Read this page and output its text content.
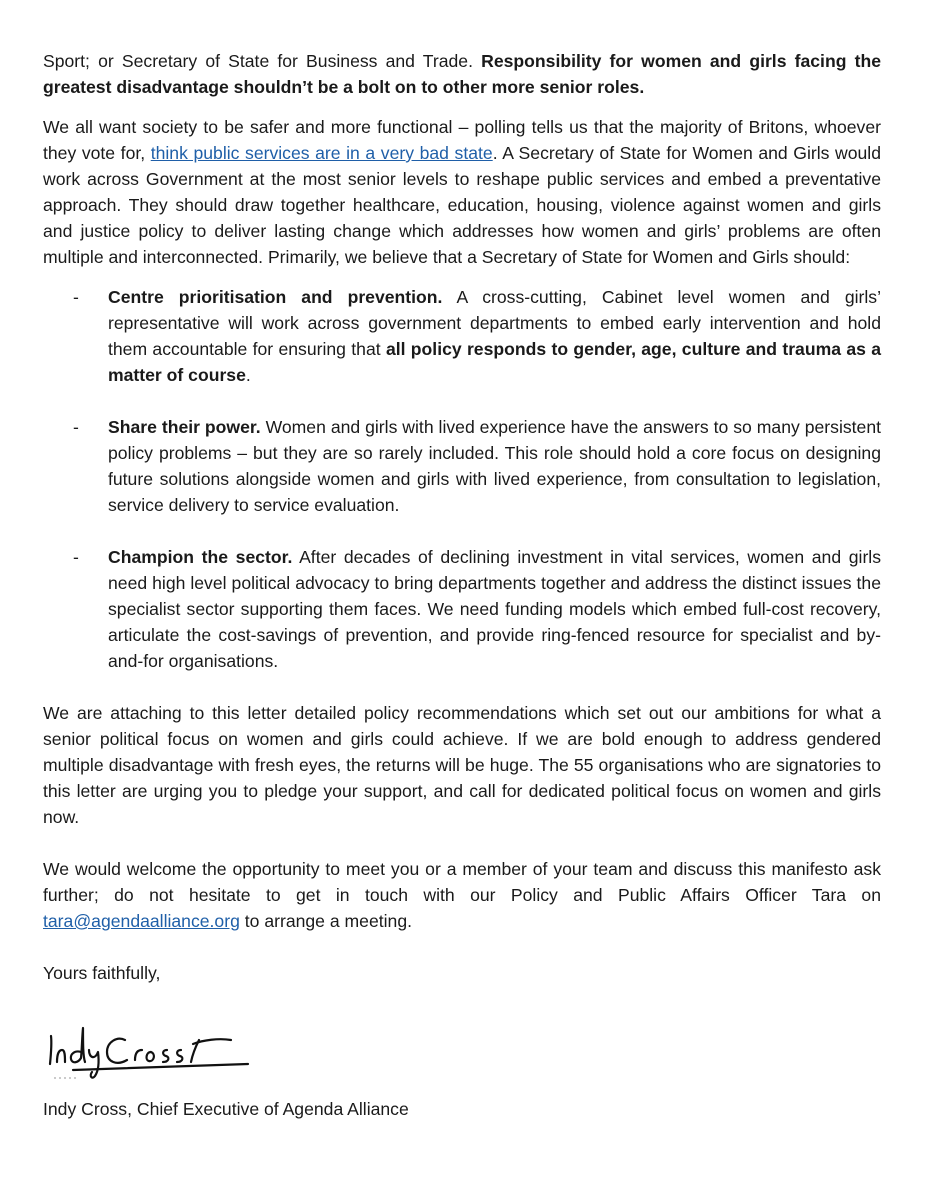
Sport; or Secretary of State for Business and Trade. Responsibility for women and girls facing the greatest disadvantage shouldn’t be a bolt on to other more senior roles.

We all want society to be safer and more functional – polling tells us that the majority of Britons, whoever they vote for, think public services are in a very bad state. A Secretary of State for Women and Girls would work across Government at the most senior levels to reshape public services and embed a preventative approach. They should draw together healthcare, education, housing, violence against women and girls and justice policy to deliver lasting change which addresses how women and girls’ problems are often multiple and interconnected. Primarily, we believe that a Secretary of State for Women and Girls should:

- Centre prioritisation and prevention. A cross-cutting, Cabinet level women and girls’ representative will work across government departments to embed early intervention and hold them accountable for ensuring that all policy responds to gender, age, culture and trauma as a matter of course.
- Share their power. Women and girls with lived experience have the answers to so many persistent policy problems – but they are so rarely included. This role should hold a core focus on designing future solutions alongside women and girls with lived experience, from consultation to legislation, service delivery to service evaluation.
- Champion the sector. After decades of declining investment in vital services, women and girls need high level political advocacy to bring departments together and address the distinct issues the specialist sector supporting them faces. We need funding models which embed full-cost recovery, articulate the cost-savings of prevention, and provide ring-fenced resource for specialist and by-and-for organisations.

We are attaching to this letter detailed policy recommendations which set out our ambitions for what a senior political focus on women and girls could achieve. If we are bold enough to address gendered multiple disadvantage with fresh eyes, the returns will be huge. The 55 organisations who are signatories to this letter are urging you to pledge your support, and call for dedicated political focus on women and girls now.

We would welcome the opportunity to meet you or a member of your team and discuss this manifesto ask further; do not hesitate to get in touch with our Policy and Public Affairs Officer Tara on tara@agendaalliance.org to arrange a meeting.

Yours faithfully,

Indy Cross, Chief Executive of Agenda Alliance
